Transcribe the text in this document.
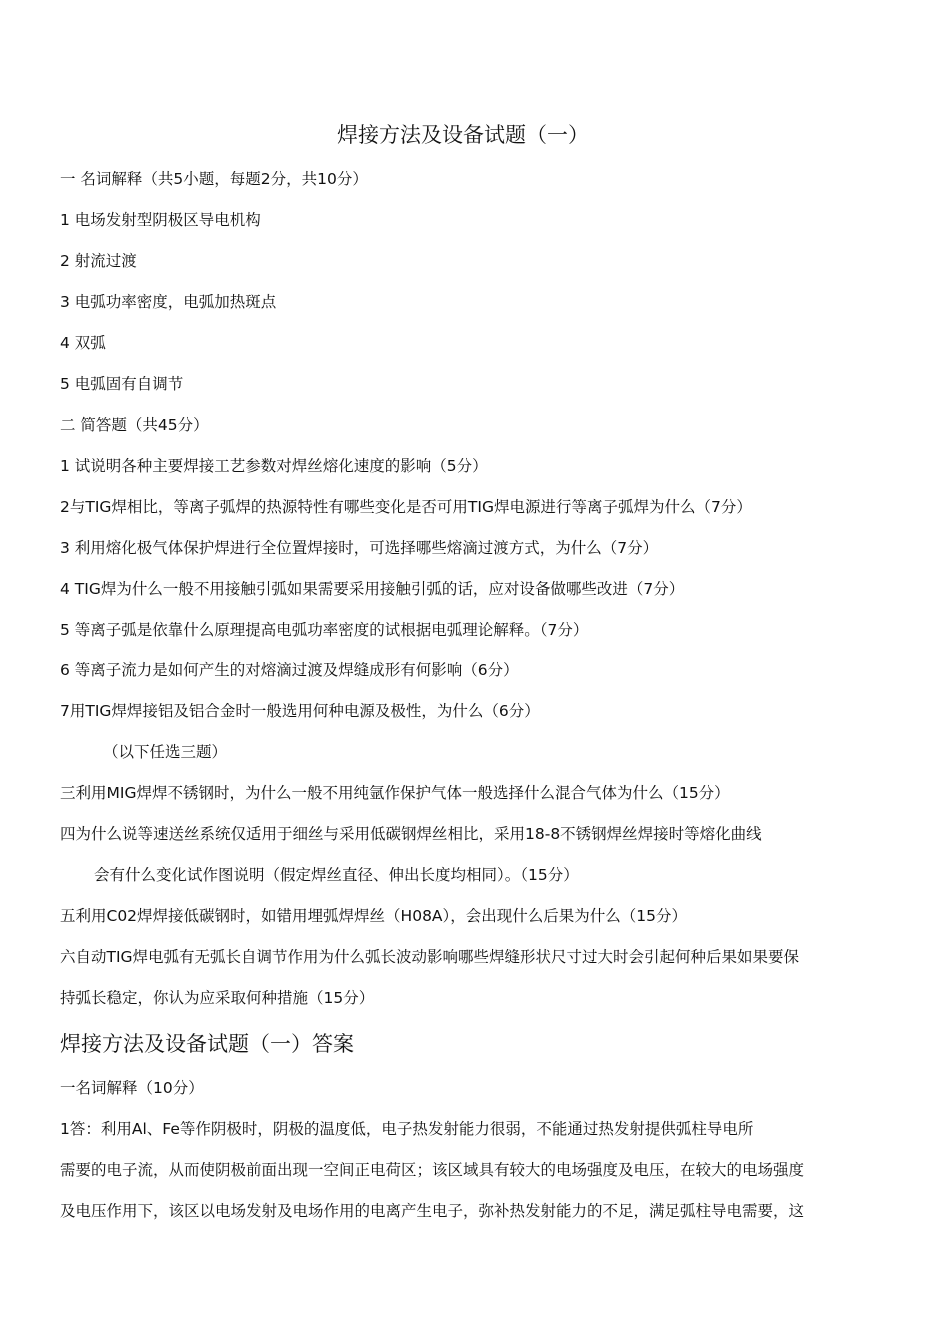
焊接方法及设备试题（一）
一 名词解释（共5小题，每题2分，共10分）
1 电场发射型阴极区导电机构
2 射流过渡
3 电弧功率密度，电弧加热斑点
4 双弧
5 电弧固有自调节
二 简答题（共45分）
1 试说明各种主要焊接工艺参数对焊丝熔化速度的影响（5分）
2与TIG焊相比，等离子弧焊的热源特性有哪些变化是否可用TIG焊电源进行等离子弧焊为什么（7分）
3 利用熔化极气体保护焊进行全位置焊接时，可选择哪些熔滴过渡方式，为什么（7分）
4 TIG焊为什么一般不用接触引弧如果需要采用接触引弧的话，应对设备做哪些改进（7分）
5 等离子弧是依靠什么原理提高电弧功率密度的试根据电弧理论解释。（7分）
6 等离子流力是如何产生的对熔滴过渡及焊缝成形有何影响（6分）
7用TIG焊焊接铝及铝合金时一般选用何种电源及极性，为什么（6分）
（以下任选三题）
三利用MIG焊焊不锈钢时，为什么一般不用纯氩作保护气体一般选择什么混合气体为什么（15分）
四为什么说等速送丝系统仅适用于细丝与采用低碳钢焊丝相比，采用18-8不锈钢焊丝焊接时等熔化曲线
会有什么变化试作图说明（假定焊丝直径、伸出长度均相同）。（15分）
五利用C02焊焊接低碳钢时，如错用埋弧焊焊丝（H08A），会出现什么后果为什么（15分）
六自动TIG焊电弧有无弧长自调节作用为什么弧长波动影响哪些焊缝形状尺寸过大时会引起何种后果如果要保
持弧长稳定，你认为应采取何种措施（15分）
焊接方法及设备试题（一）答案
一名词解释（10分）
1答：利用Al、Fe等作阴极时，阴极的温度低，电子热发射能力很弱，不能通过热发射提供弧柱导电所
需要的电子流，从而使阴极前面出现一空间正电荷区；该区域具有较大的电场强度及电压，在较大的电场强度
及电压作用下，该区以电场发射及电场作用的电离产生电子，弥补热发射能力的不足，满足弧柱导电需要，这
